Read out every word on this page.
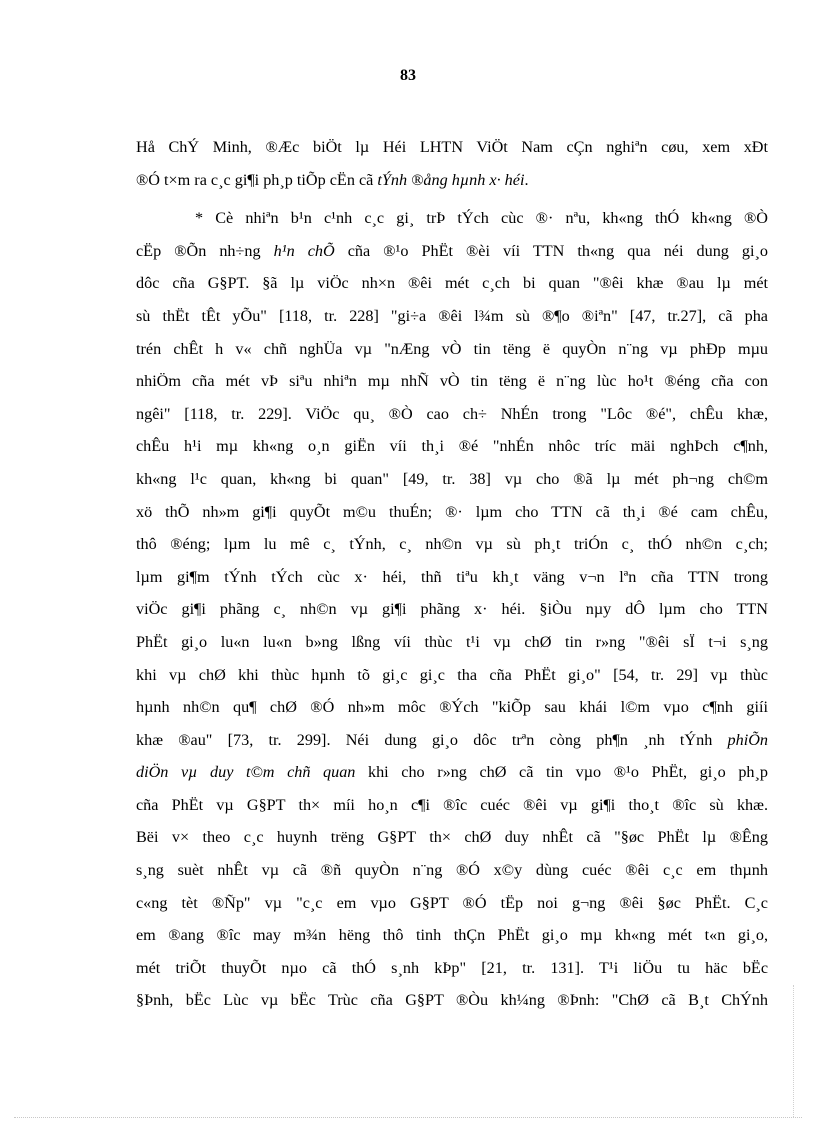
83
Hå ChÝ Minh, ®Æc biÖt lµ Héi LHTN ViÖt Nam cÇn nghiªn cøu, xem xÐt
®Ó t×m ra c¸c gi¶i ph¸p tiÕp cËn cã tÝnh ®ång hµnh x· héi.
* Cè nhiªn b¹n c¹nh c¸c gi¸ trÞ tÝch cùc ®· nªu, kh«ng thÓ kh«ng ®Ò
cËp ®Õn nh÷ng h¹n chÕ cña ®¹o PhËt ®èi víi TTN th«ng qua néi dung gi¸o
dôc cña G§PT. §ã lµ viÖc nh×n ®êi mét c¸ch bi quan "®êi khæ ®au lµ mét
sù thËt tÊt yÕu" [118, tr. 228] "gi÷a ®êi l¾m sù ®¶o ®iªn" [47, tr.27], cã pha
trén chÊt h v« chñ nghÜa vµ "nÆng vÒ tin tëng ë quyÒn n¨ng vµ phÐp mµu
nhiÖm cña mét vÞ siªu nhiªn mµ nhÑ vÒ tin tëng ë n¨ng lùc ho¹t ®éng cña con
ngêi" [118, tr. 229]. ViÖc qu¸ ®Ò cao ch÷ NhÉn trong "Lôc ®é", chÊu khæ,
chÊu h¹i mµ kh«ng o¸n giËn víi th¸i ®é "nhÉn nhôc tríc mäi nghÞch c¶nh,
kh«ng l¹c quan, kh«ng bi quan" [49, tr. 38] vµ cho ®ã lµ mét ph¬ng ch©m
xö thÕ nh»m gi¶i quyÕt m©u thuÉn; ®· lµm cho TTN cã th¸i ®é cam chÊu,
thô ®éng; lµm lu mê c¸ tÝnh, c¸ nh©n vµ sù ph¸t triÓn c¸ thÓ nh©n c¸ch;
lµm gi¶m tÝnh tÝch cùc x· héi, thñ tiªu kh¸t väng v¬n lªn cña TTN trong
viÖc gi¶i phãng c¸ nh©n vµ gi¶i phãng x· héi. §iÒu nµy dÔ lµm cho TTN
PhËt gi¸o lu«n lu«n b»ng lßng víi thùc t¹i vµ chØ tin r»ng "®êi sÏ t¬i s¸ng
khi vµ chØ khi thùc hµnh tõ gi¸c gi¸c tha cña PhËt gi¸o" [54, tr. 29] vµ thùc
hµnh nh©n qu¶ chØ ®Ó nh»m môc ®Ých "kiÕp sau khái l©m vµo c¶nh giíi
khæ ®au" [73, tr. 299]. Néi dung gi¸o dôc trªn còng ph¶n ¸nh tÝnh phiÕn
diÖn vµ duy t©m chñ quan khi cho r»ng chØ cã tin vµo ®¹o PhËt, gi¸o ph¸p
cña PhËt vµ G§PT th× míi ho¸n c¶i ®îc cuéc ®êi vµ gi¶i tho¸t ®îc sù khæ.
Bëi v× theo c¸c huynh trëng G§PT th× chØ duy nhÊt cã "§øc PhËt lµ ®Êng
s¸ng suèt nhÊt vµ cã ®ñ quyÒn n¨ng ®Ó x©y dùng cuéc ®êi c¸c em thµnh
c«ng tèt ®Ñp" vµ "c¸c em vµo G§PT ®Ó tËp noi g¬ng ®êi §øc PhËt. C¸c
em ®ang ®îc may m¾n hëng thô tinh thÇn PhËt gi¸o mµ kh«ng mét t«n gi¸o,
mét triÕt thuyÕt nµo cã thÓ s¸nh kÞp" [21, tr. 131]. T¹i liÖu tu häc bËc
§Þnh, bËc Lùc vµ bËc Trùc cña G§PT ®Òu kh¼ng ®Þnh: "ChØ cã B¸t ChÝnh
